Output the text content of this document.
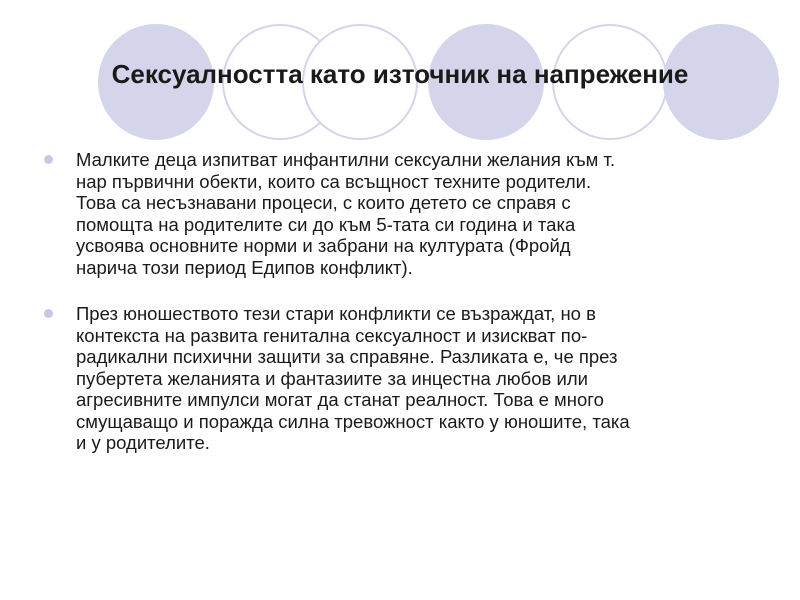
Сексуалността като източник на напрежение
Малките деца изпитват инфантилни сексуални желания към т.
нар първични обекти, които са всъщност техните родители.
Това са несъзнавани процеси, с които детето се справя с
помощта на родителите си до към 5-тата си година и така
усвоява основните норми и забрани на културата (Фройд
нарича този период Едипов конфликт).
През юношеството тези стари конфликти се възраждат, но в
контекста на развита генитална сексуалност и изискват по-
радикални психични защити за справяне. Разликата е, че през
пубертета желанията и фантазиите за инцестна любов или
агресивните импулси могат да станат реалност. Това е много
смущаващо и поражда силна тревожност както у юношите, така
и у родителите.
